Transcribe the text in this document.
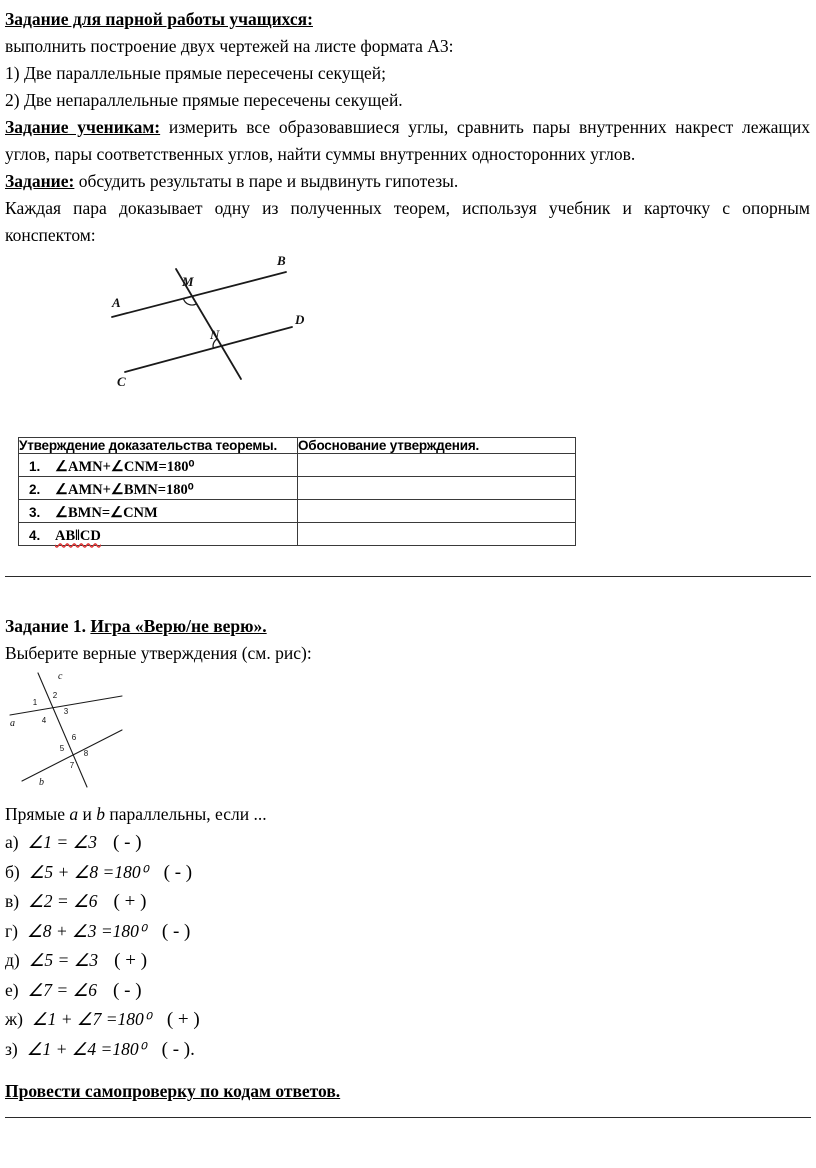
Задание для парной работы учащихся:

выполнить построение двух чертежей на листе формата А3:

1) Две параллельные прямые пересечены секущей;

2) Две непараллельные прямые пересечены секущей.

Задание ученикам: измерить все образовавшиеся углы, сравнить пары внутренних накрест лежащих углов, пары соответственных углов, найти суммы внутренних односторонних углов.

Задание: обсудить результаты в паре и выдвинуть гипотезы.

Каждая пара доказывает одну из полученных теорем, используя учебник и карточку с опорным конспектом:

A
B
M
N
C
D
Утверждение доказательства теоремы.	Обоснование утверждения.
1. ∠AMN+∠CNM=180⁰	
2. ∠AMN+∠BMN=180⁰	
3. ∠BMN=∠CNM	
4. AB‖CD	

Задание 1. Игра «Верю/не верю».

Выберите верные утверждения (см. рис):

a
b
c
1
2
3
4
5
6
7
8

Прямые a и b параллельны, если ...

а) ∠1 = ∠3 ( - )

б) ∠5 + ∠8 =180⁰ ( - )

в) ∠2 = ∠6 ( + )

г) ∠8 + ∠3 =180⁰ ( - )

д) ∠5 = ∠3 ( + )

е) ∠7 = ∠6 ( - )

ж) ∠1 + ∠7 =180⁰ ( + )

з) ∠1 + ∠4 =180⁰ ( - ).

Провести самопроверку по кодам ответов.
